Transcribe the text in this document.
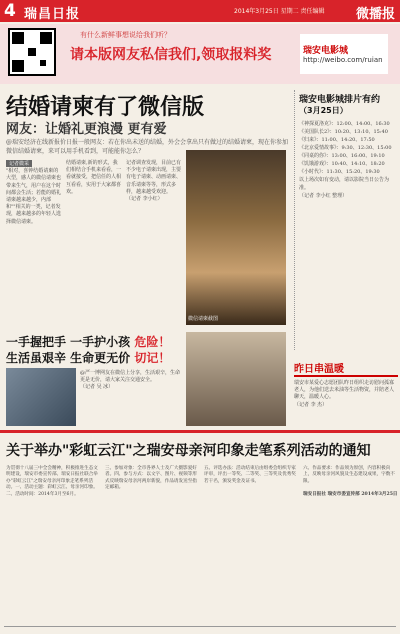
4 瑞昌日报	2014年3月25日 星期二 责任编辑 微播报
有什么新鲜事想说给我们听？
请本版网友私信我们,领取报料奖	瑞安电影城
http://weibo.com/ruian
结婚请柬有了微信版
网友：让婚礼更浪漫 更有爱
@瑞安经济在线新报价日报一般网友：若在你出未送的结婚，外会会拿出只有做过的结婚请柬，现在你参加微信结婚请柬，来可以用手机看到，可能能你怎么？
记者微采
"相对，喜钟结婚请柬的大型，感人的微信请柬也带来生气，用户在这个时间都会生活；若能的婚礼请柬越来越少，内部和""相关的一类，记者发现，越来越多的年轻人选择微信请柬。
结婚请柬,新的形式，我们相结合手机来看看，一看就接受，把信任的人相互看看，实用于大家都喜欢。
记者调查发现，目前已有不少电子请柬出现，主要有电子请柬、动画请柬、音乐请柬等等，形式多样，越来越受欢迎。
（记者 李小红）
微信请柬截图
瑞安电影城排片有约
（3月25日）
《神探夏洛克》：12:00、14:00、16:30
《美国队长2》：10:20、13:10、15:40
《归来》：11:00、14:20、17:50
《北京爱情故事》：9:30、12:30、15:00
《同桌的你》：13:00、16:00、19:10
《饥饿游戏》：10:40、14:10、18:20
《小时代》：11:30、15:20、19:30
以上场次如有变动，请以影院当日公告为准。
（记者 李小红 整理）
一手握把手 一手护小孩 危险！
生活虽艰辛 生命更无价 切记！
@严一博网友在微信上分享，生活艰辛，生命更是无价，请大家关注交通安全。
（记者 吴 冰）
昨日串温暖
瑞安市某爱心志愿团队昨日组织走访慰问孤寡老人，为他们送去米油等生活物资，并陪老人聊天，温暖人心。
（记者 李 杰）
关于举办"彩虹云江"之瑞安母亲河印象走笔系列活动的通知
为贯彻十八届三中全会精神，积极推进生态文明建设，瑞安市委宣传部、瑞安日报社联合举办"彩虹云江"之瑞安母亲河印象走笔系列活动。一、活动主题：彩虹云江、母亲河印象。二、活动时间：2014年3月至6月。
三、参加对象：全市各界人士及广大摄影爱好者。四、参与方式：以文字、图片、视频等形式反映瑞安母亲河两岸新貌，作品请发送至指定邮箱。
五、评选办法：活动结束后由组委会组织专家评审，评出一等奖、二等奖、三等奖及优秀奖若干名，颁发奖金及证书。
六、作品要求：作品须为原创，内容积极向上，反映母亲河风貌及生态建设成果，字数不限。

瑞安日报社 瑞安市委宣传部 2014年3月25日
